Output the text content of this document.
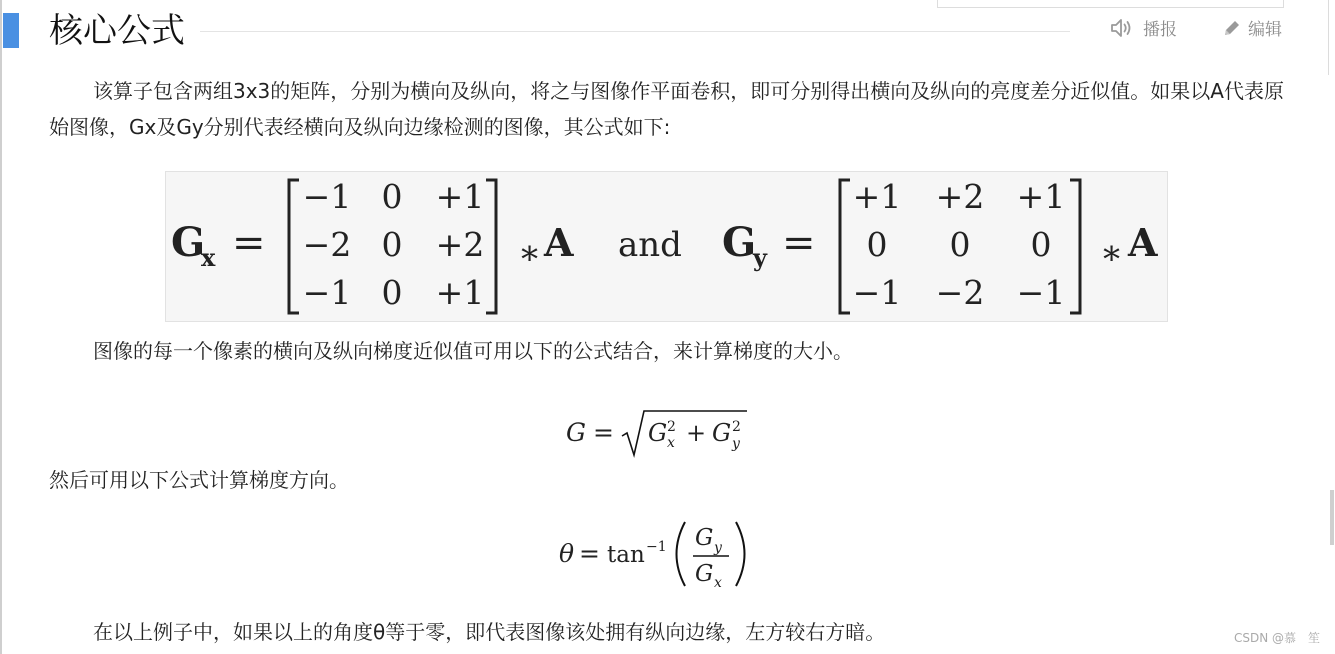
核心公式	播报	编辑
该算子包含两组3x3的矩阵，分别为横向及纵向，将之与图像作平面卷积，即可分别得出横向及纵向的亮度差分近似值。如果以A代表原始图像，Gx及Gy分别代表经横向及纵向边缘检测的图像，其公式如下:
G
x =
−1 0 +1
−2 0 +2
−1 0 +1
∗ A and G
y =
+1 +2 +1
0 0 0
−1 −2 −1
∗ A
图像的每一个像素的横向及纵向梯度近似值可用以下的公式结合，来计算梯度的大小。
G = G 2
x + G 2
y
然后可用以下公式计算梯度方向。
θ = tan −1 G y
G x
在以上例子中，如果以上的角度θ等于零，即代表图像该处拥有纵向边缘，左方较右方暗。	CSDN @慕　笙
